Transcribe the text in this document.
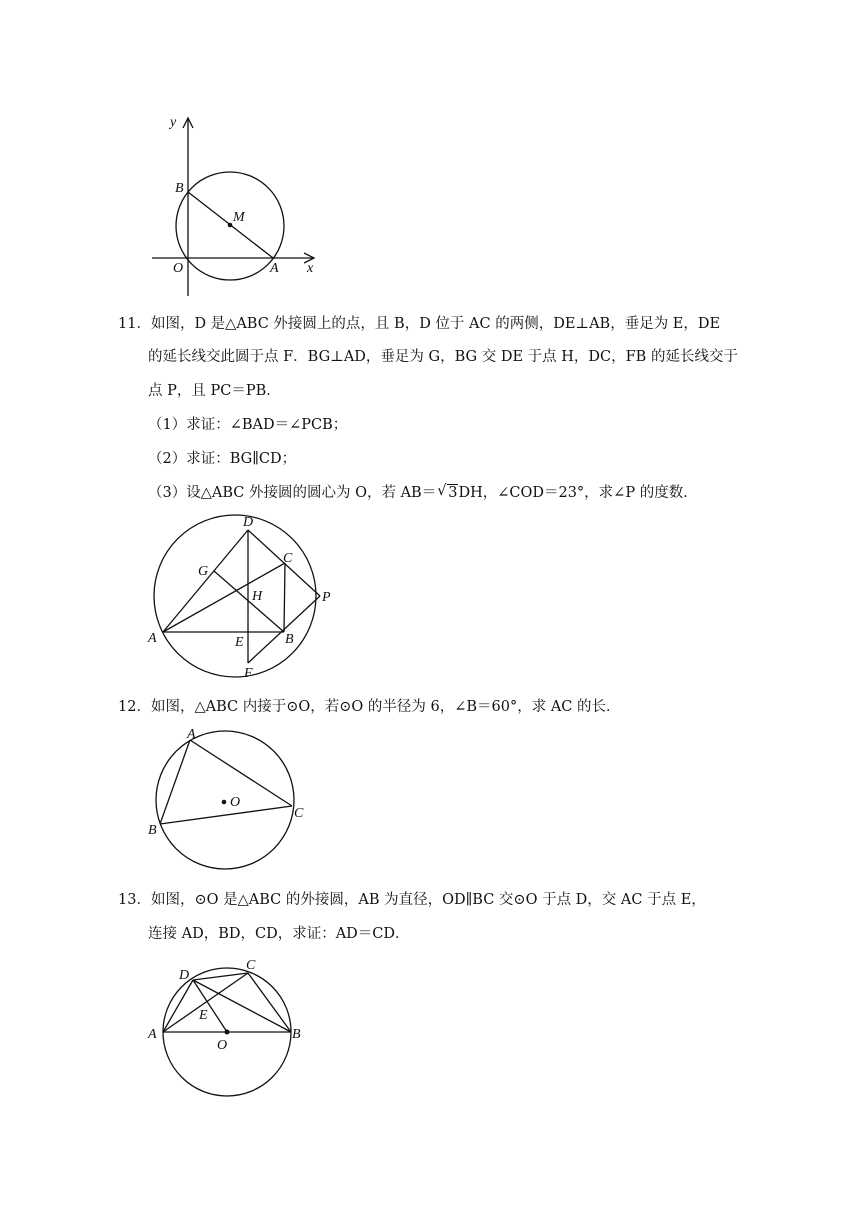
y
x
B
M
O	A
11．如图，D 是△ABC 外接圆上的点，且 B，D 位于 AC 的两侧，DE⊥AB，垂足为 E，DE
的延长线交此圆于点 F．BG⊥AD，垂足为 G，BG 交 DE 于点 H，DC，FB 的延长线交于
点 P，且 PC＝PB．
（1）求证：∠BAD＝∠PCB；
（2）求证：BG∥CD；
（3）设△ABC 外接圆的圆心为 O，若 AB＝√ 3DH，∠COD＝23°，求∠P 的度数．
D
C
G
H	P
A	E	B
F
12．如图，△ABC 内接于⊙O，若⊙O 的半径为 6，∠B＝60°，求 AC 的长．
A
O
C
B
13．如图，⊙O 是△ABC 的外接圆，AB 为直径，OD∥BC 交⊙O 于点 D，交 AC 于点 E，
连接 AD，BD，CD，求证：AD＝CD．
D
C
A
E
O
B
